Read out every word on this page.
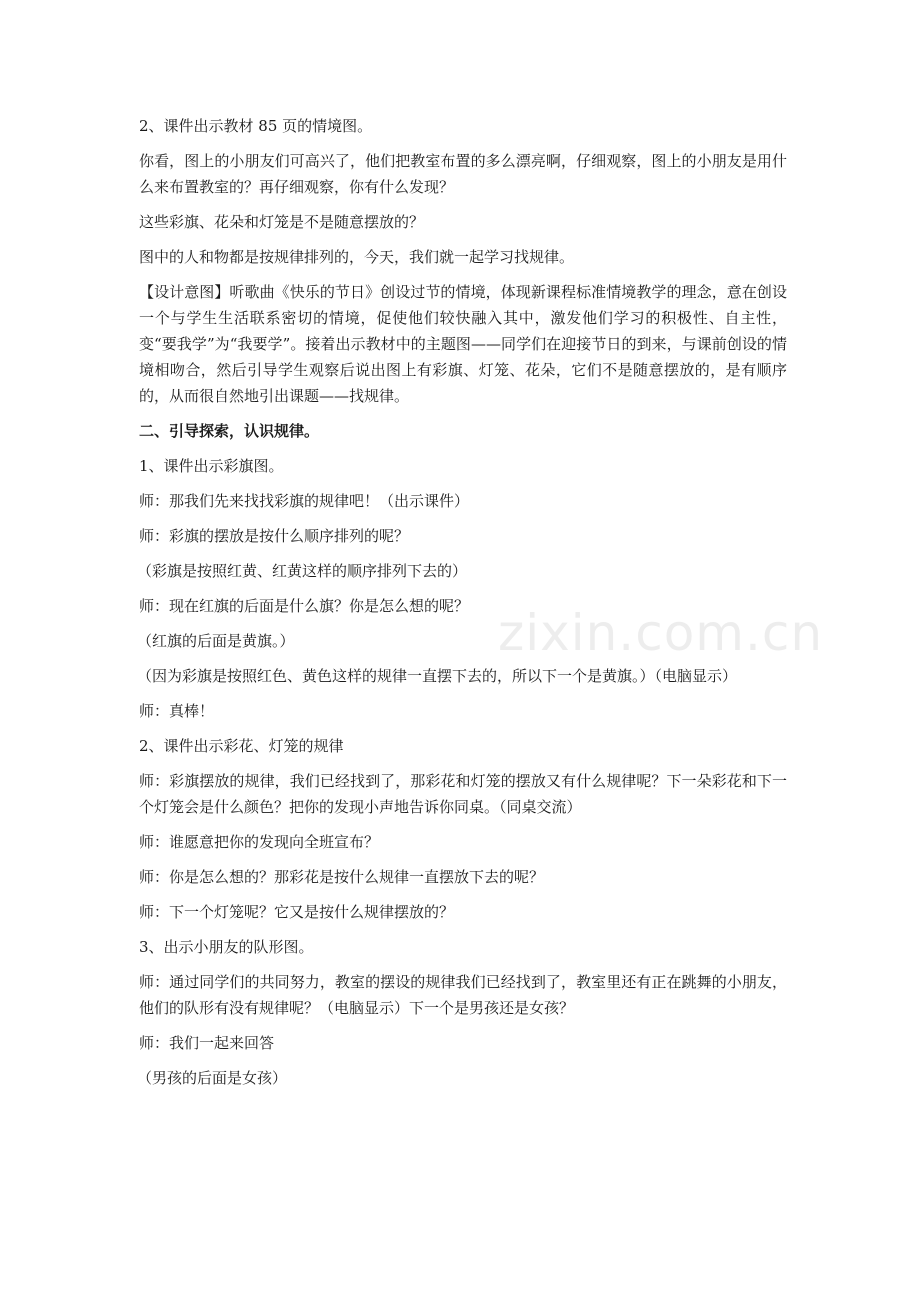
2、课件出示教材 85 页的情境图。

你看，图上的小朋友们可高兴了，他们把教室布置的多么漂亮啊，仔细观察，图上的小朋友是用什么来布置教室的？再仔细观察，你有什么发现？

这些彩旗、花朵和灯笼是不是随意摆放的？

图中的人和物都是按规律排列的，今天，我们就一起学习找规律。

【设计意图】听歌曲《快乐的节日》创设过节的情境，体现新课程标准情境教学的理念，意在创设一个与学生生活联系密切的情境，促使他们较快融入其中，激发他们学习的积极性、自主性，变“要我学”为“我要学”。接着出示教材中的主题图——同学们在迎接节日的到来，与课前创设的情境相吻合，然后引导学生观察后说出图上有彩旗、灯笼、花朵，它们不是随意摆放的，是有顺序的，从而很自然地引出课题——找规律。

二、引导探索，认识规律。

1、课件出示彩旗图。

师：那我们先来找找彩旗的规律吧！（出示课件）

师：彩旗的摆放是按什么顺序排列的呢？

（彩旗是按照红黄、红黄这样的顺序排列下去的）

师：现在红旗的后面是什么旗？你是怎么想的呢？

（红旗的后面是黄旗。）

（因为彩旗是按照红色、黄色这样的规律一直摆下去的，所以下一个是黄旗。）（电脑显示）

师：真棒！

2、课件出示彩花、灯笼的规律

师：彩旗摆放的规律，我们已经找到了，那彩花和灯笼的摆放又有什么规律呢？下一朵彩花和下一个灯笼会是什么颜色？把你的发现小声地告诉你同桌。（同桌交流）

师：谁愿意把你的发现向全班宣布？

师：你是怎么想的？那彩花是按什么规律一直摆放下去的呢？

师：下一个灯笼呢？它又是按什么规律摆放的？

3、出示小朋友的队形图。

师：通过同学们的共同努力，教室的摆设的规律我们已经找到了，教室里还有正在跳舞的小朋友，他们的队形有没有规律呢？（电脑显示）下一个是男孩还是女孩？

师：我们一起来回答

（男孩的后面是女孩）

zixin.com.cn
